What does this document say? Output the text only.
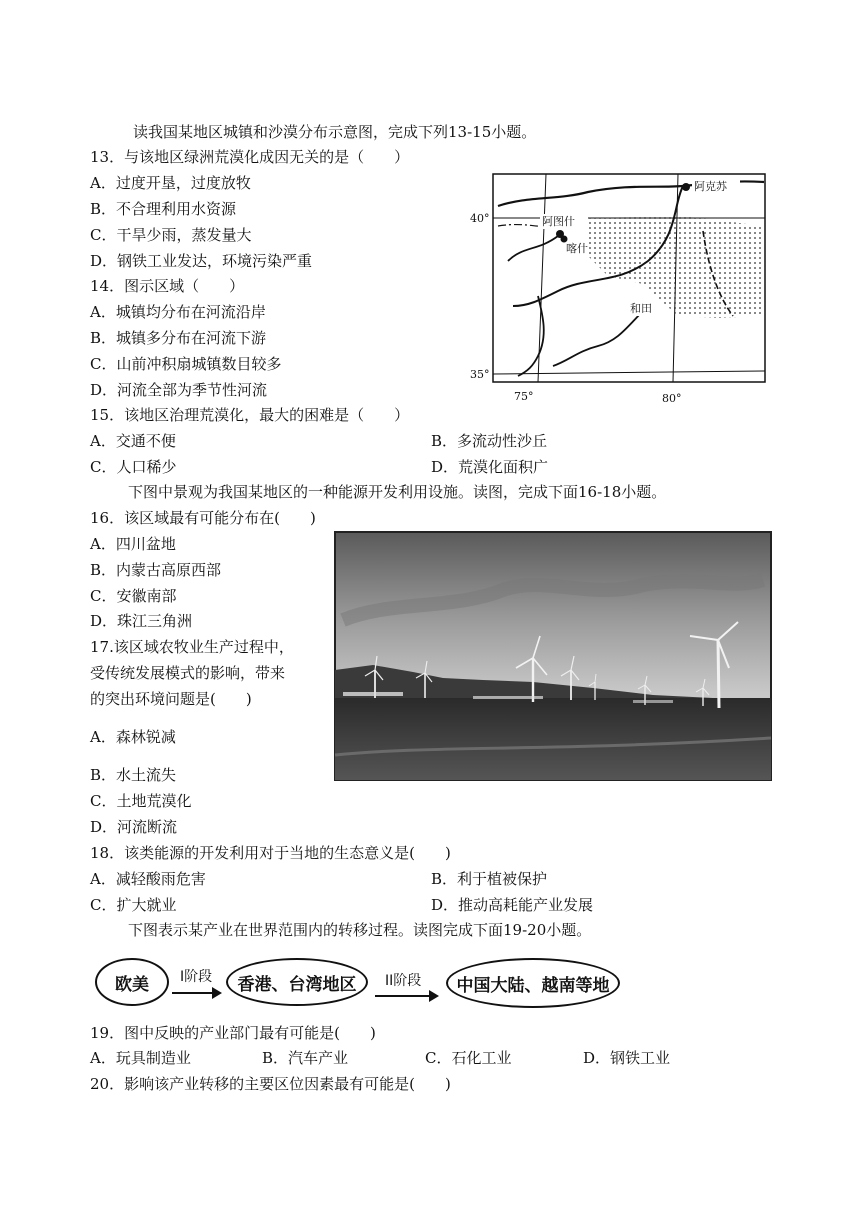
读我国某地区城镇和沙漠分布示意图，完成下列13-15小题。
13．与该地区绿洲荒漠化成因无关的是（　　）
A．过度开垦，过度放牧
B．不合理利用水资源
C．干旱少雨，蒸发量大
D．钢铁工业发达，环境污染严重
14．图示区域（　　）
A．城镇均分布在河流沿岸
B．城镇多分布在河流下游
C．山前冲积扇城镇数目较多
D．河流全部为季节性河流
阿克苏
阿图什
喀什
和田
40°
35°
75°	80°
15．该地区治理荒漠化，最大的困难是（　　）
A．交通不便	B．多流动性沙丘
C．人口稀少	D．荒漠化面积广
下图中景观为我国某地区的一种能源开发利用设施。读图，完成下面16-18小题。
16．该区域最有可能分布在(　　)
A．四川盆地
B．内蒙古高原西部
C．安徽南部
D．珠江三角洲
17.该区域农牧业生产过程中，
受传统发展模式的影响，带来
的突出环境问题是(　　)
A．森林锐减
B．水土流失
C．土地荒漠化
D．河流断流
18．该类能源的开发利用对于当地的生态意义是(　　)
A．减轻酸雨危害	B．利于植被保护
C．扩大就业	D．推动高耗能产业发展
下图表示某产业在世界范围内的转移过程。读图完成下面19-20小题。
欧美	I阶段	香港、台湾地区	II阶段	中国大陆、越南等地
19．图中反映的产业部门最有可能是(　　)
A．玩具制造业	B．汽车产业	C．石化工业	D．钢铁工业
20．影响该产业转移的主要区位因素最有可能是(　　)
